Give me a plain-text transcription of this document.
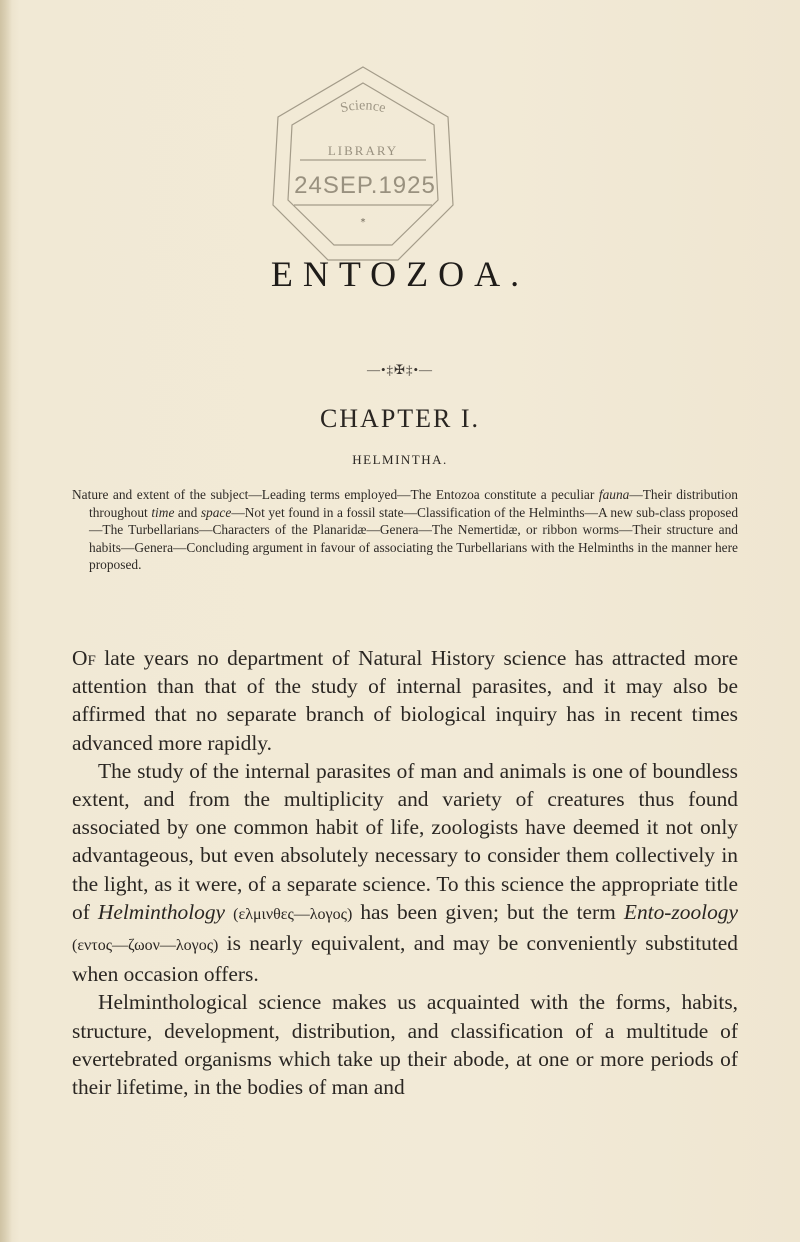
Science
LIBRARY
24SEP.1925
*
ENTOZOA.
—•‡✠‡•—
CHAPTER I.
HELMINTHA.

Nature and extent of the subject—Leading terms employed—The Entozoa constitute a peculiar fauna—Their distribution throughout time and space—Not yet found in a fossil state—Classification of the Helminths—A new sub-class proposed—The Turbellarians—Characters of the Planaridæ—Genera—The Nemertidæ, or ribbon worms—Their structure and habits—Genera—Concluding argument in favour of associating the Turbellarians with the Helminths in the manner here proposed.

Of late years no department of Natural History science has attracted more attention than that of the study of internal parasites, and it may also be affirmed that no separate branch of biological inquiry has in recent times advanced more rapidly.

The study of the internal parasites of man and animals is one of boundless extent, and from the multiplicity and variety of creatures thus found associated by one common habit of life, zoologists have deemed it not only advantageous, but even absolutely necessary to consider them collectively in the light, as it were, of a separate science. To this science the appropriate title of Helminthology (ελμινθες—λογος) has been given; but the term Ento-zoology (εντος—ζωον—λογος) is nearly equivalent, and may be conveniently substituted when occasion offers.

Helminthological science makes us acquainted with the forms, habits, structure, development, distribution, and classification of a multitude of evertebrated organisms which take up their abode, at one or more periods of their lifetime, in the bodies of man and
